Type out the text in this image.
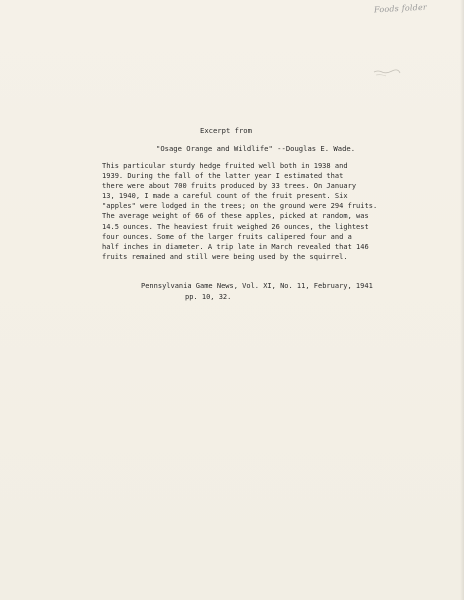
Foods folder
Excerpt from
"Osage Orange and Wildlife" --Douglas E. Wade.
This particular sturdy hedge fruited well both in 1938 and
1939. During the fall of the latter year I estimated that
there were about 700 fruits produced by 33 trees. On January
13, 1940, I made a careful count of the fruit present. Six
"apples" were lodged in the trees; on the ground were 294 fruits.
The average weight of 66 of these apples, picked at random, was
14.5 ounces. The heaviest fruit weighed 26 ounces, the lightest
four ounces. Some of the larger fruits calipered four and a
half inches in diameter. A trip late in March revealed that 146
fruits remained and still were being used by the squirrel.
Pennsylvania Game News, Vol. XI, No. 11, February, 1941
pp. 10, 32.
